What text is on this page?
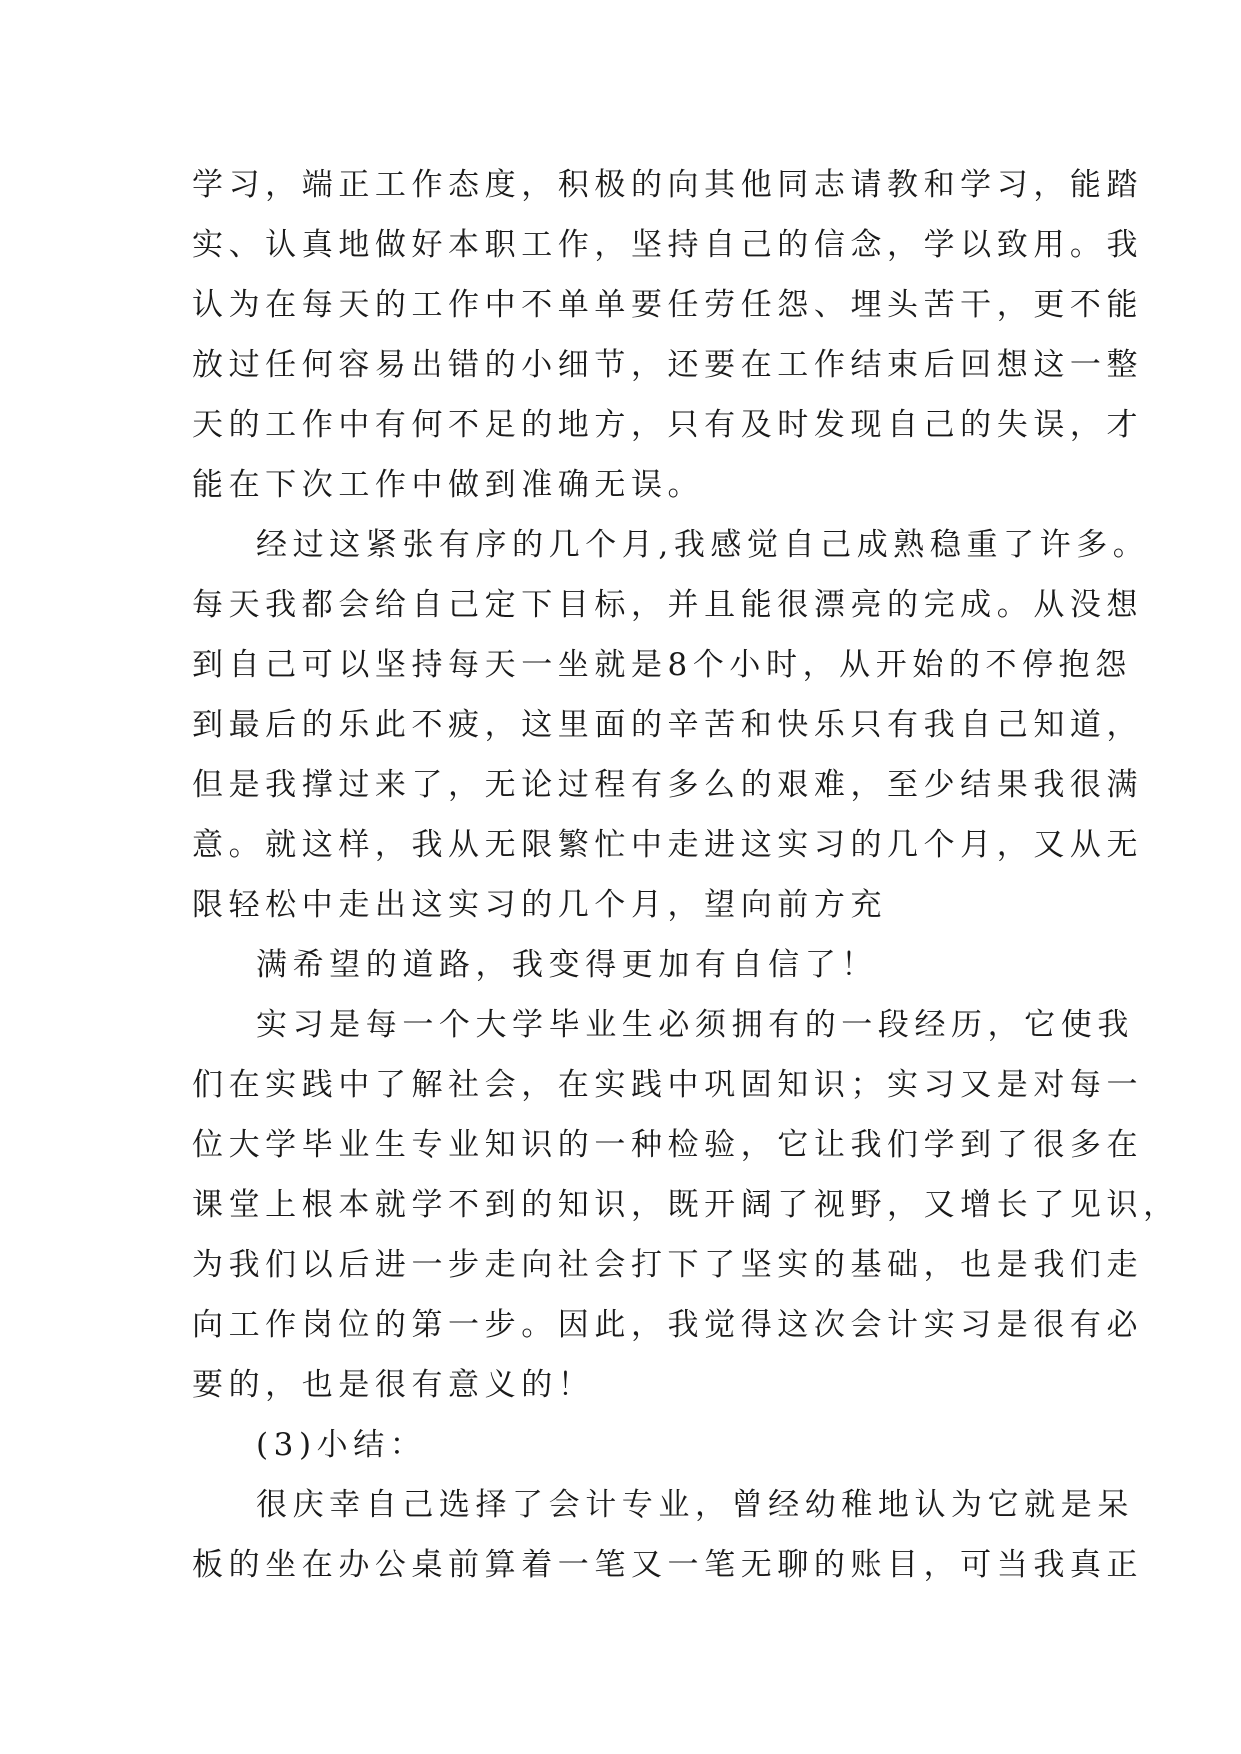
学习，端正工作态度，积极的向其他同志请教和学习，能踏
实、认真地做好本职工作，坚持自己的信念，学以致用。我
认为在每天的工作中不单单要任劳任怨、埋头苦干，更不能
放过任何容易出错的小细节，还要在工作结束后回想这一整
天的工作中有何不足的地方，只有及时发现自己的失误，才
能在下次工作中做到准确无误。
经过这紧张有序的几个月,我感觉自己成熟稳重了许多。
每天我都会给自己定下目标，并且能很漂亮的完成。从没想
到自己可以坚持每天一坐就是8个小时，从开始的不停抱怨
到最后的乐此不疲，这里面的辛苦和快乐只有我自己知道，
但是我撑过来了，无论过程有多么的艰难，至少结果我很满
意。就这样，我从无限繁忙中走进这实习的几个月，又从无
限轻松中走出这实习的几个月，望向前方充
满希望的道路，我变得更加有自信了！
实习是每一个大学毕业生必须拥有的一段经历，它使我
们在实践中了解社会，在实践中巩固知识；实习又是对每一
位大学毕业生专业知识的一种检验，它让我们学到了很多在
课堂上根本就学不到的知识，既开阔了视野，又增长了见识，
为我们以后进一步走向社会打下了坚实的基础，也是我们走
向工作岗位的第一步。因此，我觉得这次会计实习是很有必
要的，也是很有意义的！
(3)小结：
很庆幸自己选择了会计专业，曾经幼稚地认为它就是呆
板的坐在办公桌前算着一笔又一笔无聊的账目，可当我真正
